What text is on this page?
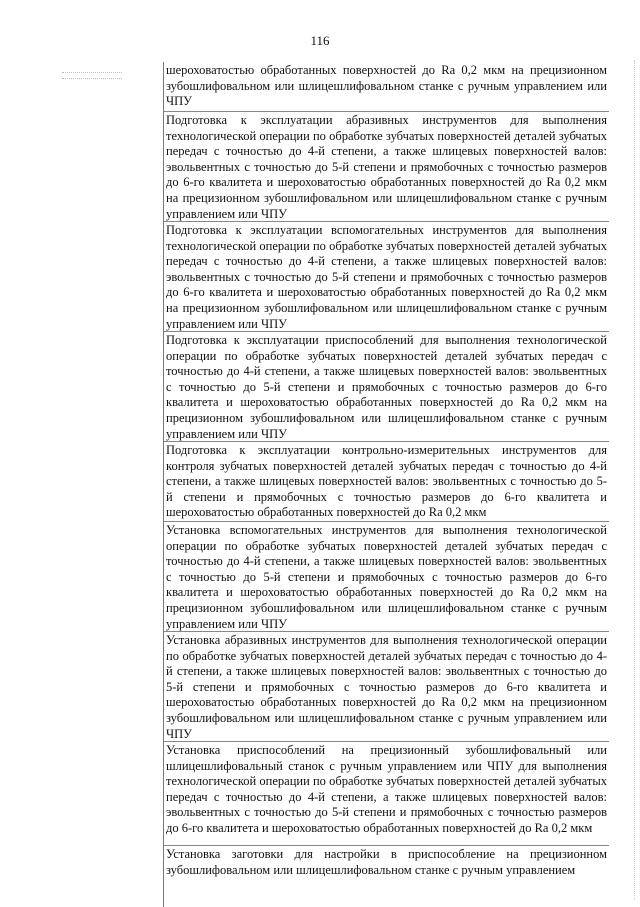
116
шероховатостью обработанных поверхностей до Ra 0,2 мкм на прецизионном зубошлифовальном или шлицешлифовальном станке с ручным управлением или ЧПУ
Подготовка к эксплуатации абразивных инструментов для выполнения технологической операции по обработке зубчатых поверхностей деталей зубчатых передач с точностью до 4-й степени, а также шлицевых поверхностей валов: эвольвентных с точностью до 5-й степени и прямобочных с точностью размеров до 6-го квалитета и шероховатостью обработанных поверхностей до Ra 0,2 мкм на прецизионном зубошлифовальном или шлицешлифовальном станке с ручным управлением или ЧПУ
Подготовка к эксплуатации вспомогательных инструментов для выполнения технологической операции по обработке зубчатых поверхностей деталей зубчатых передач с точностью до 4-й степени, а также шлицевых поверхностей валов: эвольвентных с точностью до 5-й степени и прямобочных с точностью размеров до 6-го квалитета и шероховатостью обработанных поверхностей до Ra 0,2 мкм на прецизионном зубошлифовальном или шлицешлифовальном станке с ручным управлением или ЧПУ
Подготовка к эксплуатации приспособлений для выполнения технологической операции по обработке зубчатых поверхностей деталей зубчатых передач с точностью до 4-й степени, а также шлицевых поверхностей валов: эвольвентных с точностью до 5-й степени и прямобочных с точностью размеров до 6-го квалитета и шероховатостью обработанных поверхностей до Ra 0,2 мкм на прецизионном зубошлифовальном или шлицешлифовальном станке с ручным управлением или ЧПУ
Подготовка к эксплуатации контрольно-измерительных инструментов для контроля зубчатых поверхностей деталей зубчатых передач с точностью до 4-й степени, а также шлицевых поверхностей валов: эвольвентных с точностью до 5-й степени и прямобочных с точностью размеров до 6-го квалитета и шероховатостью обработанных поверхностей до Ra 0,2 мкм
Установка вспомогательных инструментов для выполнения технологической операции по обработке зубчатых поверхностей деталей зубчатых передач с точностью до 4-й степени, а также шлицевых поверхностей валов: эвольвентных с точностью до 5-й степени и прямобочных с точностью размеров до 6-го квалитета и шероховатостью обработанных поверхностей до Ra 0,2 мкм на прецизионном зубошлифовальном или шлицешлифовальном станке с ручным управлением или ЧПУ
Установка абразивных инструментов для выполнения технологической операции по обработке зубчатых поверхностей деталей зубчатых передач с точностью до 4-й степени, а также шлицевых поверхностей валов: эвольвентных с точностью до 5-й степени и прямобочных с точностью размеров до 6-го квалитета и шероховатостью обработанных поверхностей до Ra 0,2 мкм на прецизионном зубошлифовальном или шлицешлифовальном станке с ручным управлением или ЧПУ
Установка приспособлений на прецизионный зубошлифовальный или шлицешлифовальный станок с ручным управлением или ЧПУ для выполнения технологической операции по обработке зубчатых поверхностей деталей зубчатых передач с точностью до 4-й степени, а также шлицевых поверхностей валов: эвольвентных с точностью до 5-й степени и прямобочных с точностью размеров до 6-го квалитета и шероховатостью обработанных поверхностей до Ra 0,2 мкм
Установка заготовки для настройки в приспособление на прецизионном зубошлифовальном или шлицешлифовальном станке с ручным управлением
